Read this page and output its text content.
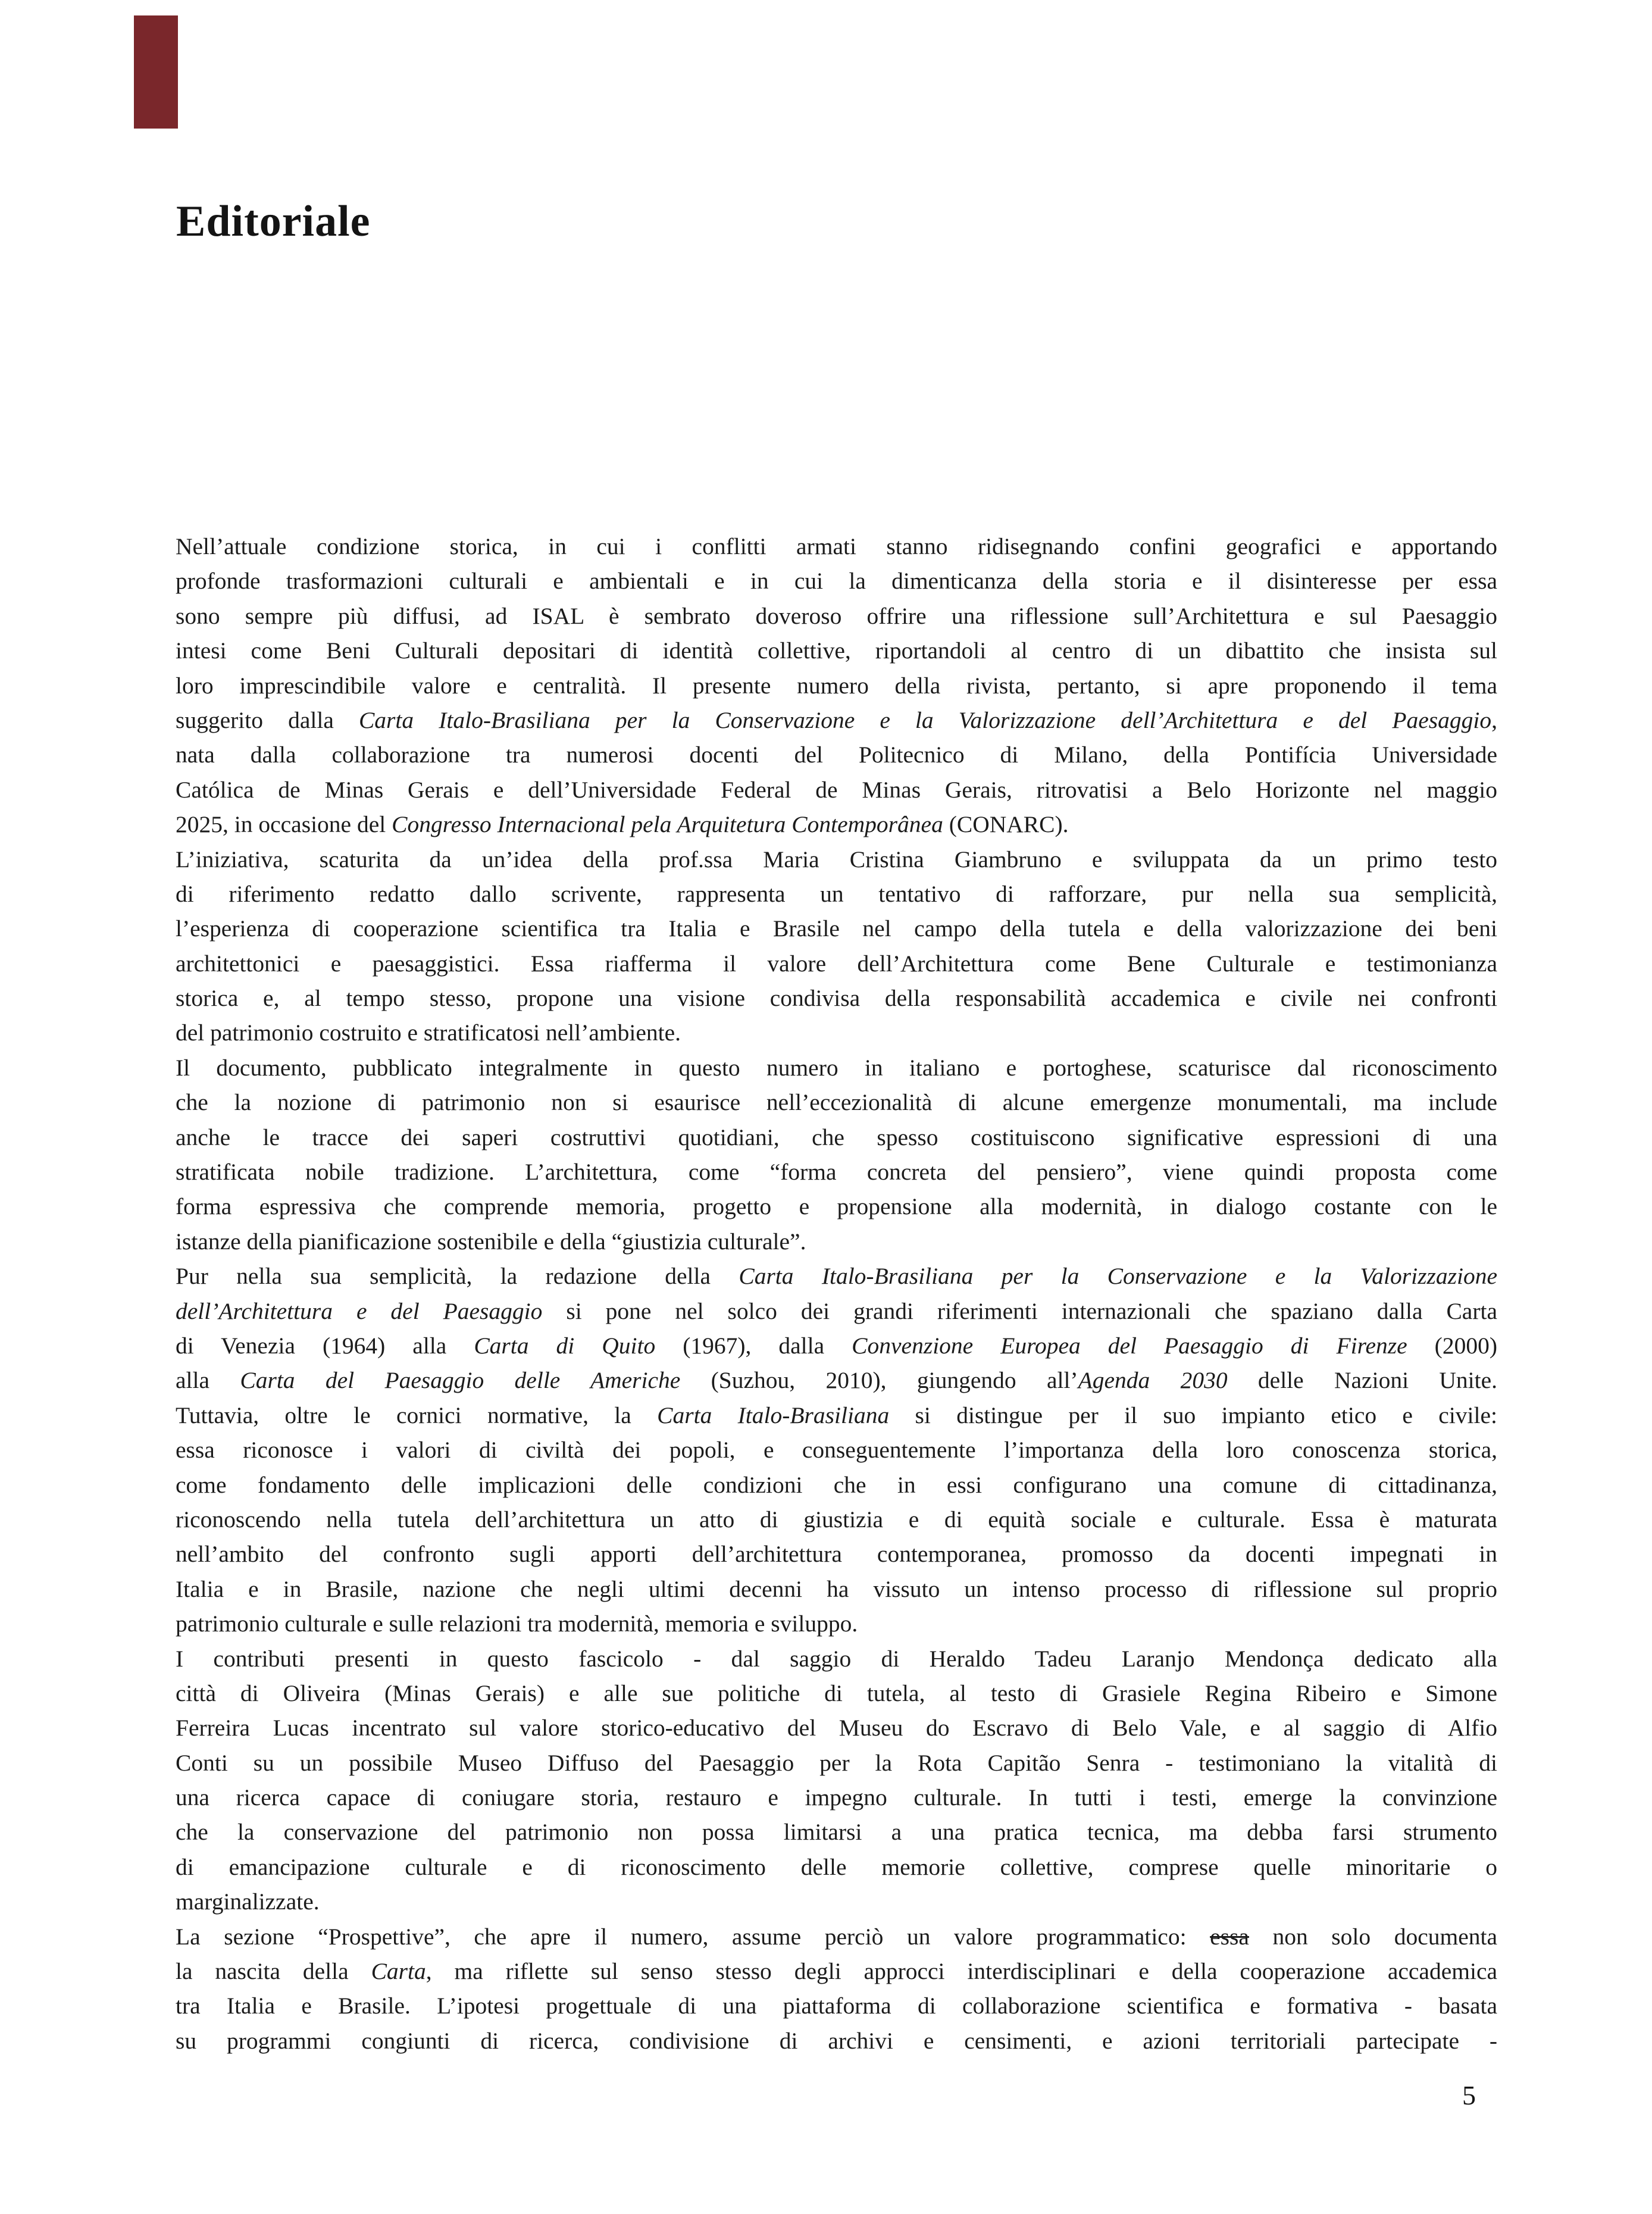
Editoriale
Nell’attuale condizione storica, in cui i conflitti armati stanno ridisegnando confini geografici e apportando
profonde trasformazioni culturali e ambientali e in cui la dimenticanza della storia e il disinteresse per essa
sono sempre più diffusi, ad ISAL è sembrato doveroso offrire una riflessione sull’Architettura e sul Paesaggio
intesi come Beni Culturali depositari di identità collettive, riportandoli al centro di un dibattito che insista sul
loro imprescindibile valore e centralità. Il presente numero della rivista, pertanto, si apre proponendo il tema
suggerito dalla Carta Italo-Brasiliana per la Conservazione e la Valorizzazione dell’Architettura e del Paesaggio,
nata dalla collaborazione tra numerosi docenti del Politecnico di Milano, della Pontifícia Universidade
Católica de Minas Gerais e dell’Universidade Federal de Minas Gerais, ritrovatisi a Belo Horizonte nel maggio
2025, in occasione del Congresso Internacional pela Arquitetura Contemporânea (CONARC).
L’iniziativa, scaturita da un’idea della prof.ssa Maria Cristina Giambruno e sviluppata da un primo testo
di riferimento redatto dallo scrivente, rappresenta un tentativo di rafforzare, pur nella sua semplicità,
l’esperienza di cooperazione scientifica tra Italia e Brasile nel campo della tutela e della valorizzazione dei beni
architettonici e paesaggistici. Essa riafferma il valore dell’Architettura come Bene Culturale e testimonianza
storica e, al tempo stesso, propone una visione condivisa della responsabilità accademica e civile nei confronti
del patrimonio costruito e stratificatosi nell’ambiente.
Il documento, pubblicato integralmente in questo numero in italiano e portoghese, scaturisce dal riconoscimento
che la nozione di patrimonio non si esaurisce nell’eccezionalità di alcune emergenze monumentali, ma include
anche le tracce dei saperi costruttivi quotidiani, che spesso costituiscono significative espressioni di una
stratificata nobile tradizione. L’architettura, come “forma concreta del pensiero”, viene quindi proposta come
forma espressiva che comprende memoria, progetto e propensione alla modernità, in dialogo costante con le
istanze della pianificazione sostenibile e della “giustizia culturale”.
Pur nella sua semplicità, la redazione della Carta Italo-Brasiliana per la Conservazione e la Valorizzazione
dell’Architettura e del Paesaggio si pone nel solco dei grandi riferimenti internazionali che spaziano dalla Carta
di Venezia (1964) alla Carta di Quito (1967), dalla Convenzione Europea del Paesaggio di Firenze (2000)
alla Carta del Paesaggio delle Americhe (Suzhou, 2010), giungendo all’Agenda 2030 delle Nazioni Unite.
Tuttavia, oltre le cornici normative, la Carta Italo-Brasiliana si distingue per il suo impianto etico e civile:
essa riconosce i valori di civiltà dei popoli, e conseguentemente l’importanza della loro conoscenza storica,
come fondamento delle implicazioni delle condizioni che in essi configurano una comune di cittadinanza,
riconoscendo nella tutela dell’architettura un atto di giustizia e di equità sociale e culturale. Essa è maturata
nell’ambito del confronto sugli apporti dell’architettura contemporanea, promosso da docenti impegnati in
Italia e in Brasile, nazione che negli ultimi decenni ha vissuto un intenso processo di riflessione sul proprio
patrimonio culturale e sulle relazioni tra modernità, memoria e sviluppo.
I contributi presenti in questo fascicolo - dal saggio di Heraldo Tadeu Laranjo Mendonça dedicato alla
città di Oliveira (Minas Gerais) e alle sue politiche di tutela, al testo di Grasiele Regina Ribeiro e Simone
Ferreira Lucas incentrato sul valore storico-educativo del Museu do Escravo di Belo Vale, e al saggio di Alfio
Conti su un possibile Museo Diffuso del Paesaggio per la Rota Capitão Senra - testimoniano la vitalità di
una ricerca capace di coniugare storia, restauro e impegno culturale. In tutti i testi, emerge la convinzione
che la conservazione del patrimonio non possa limitarsi a una pratica tecnica, ma debba farsi strumento
di emancipazione culturale e di riconoscimento delle memorie collettive, comprese quelle minoritarie o
marginalizzate.
La sezione “Prospettive”, che apre il numero, assume perciò un valore programmatico: essa non solo documenta
la nascita della Carta, ma riflette sul senso stesso degli approcci interdisciplinari e della cooperazione accademica
tra Italia e Brasile. L’ipotesi progettuale di una piattaforma di collaborazione scientifica e formativa - basata
su programmi congiunti di ricerca, condivisione di archivi e censimenti, e azioni territoriali partecipate -
5
